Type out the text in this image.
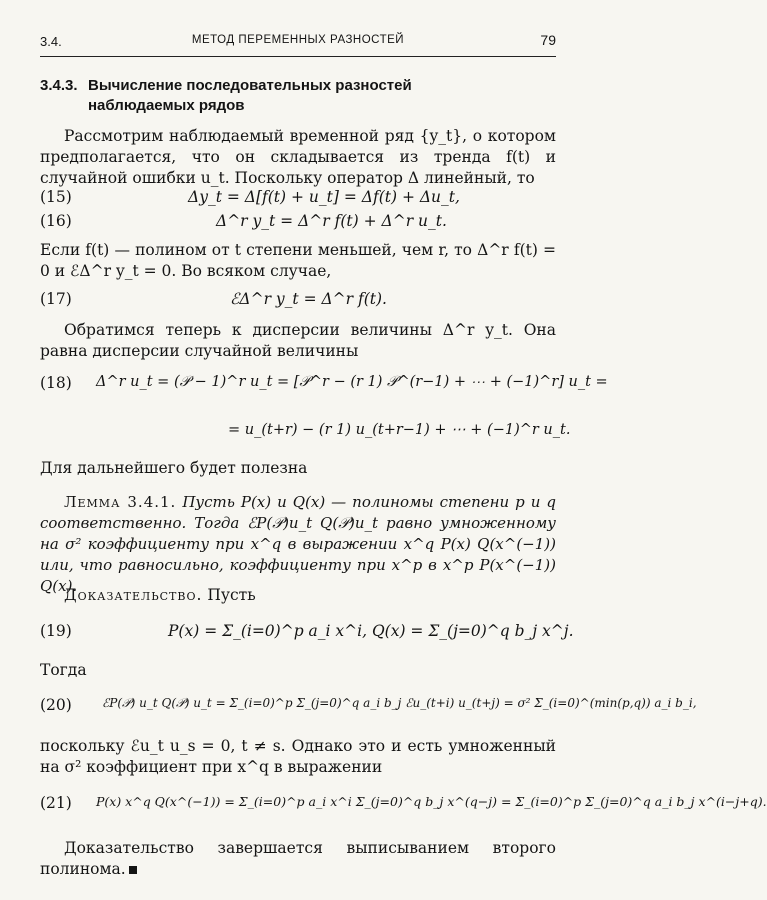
3.4.	МЕТОД ПЕРЕМЕННЫХ РАЗНОСТЕЙ	79
3.4.3. Вычисление последовательных разностей
наблюдаемых рядов
Рассмотрим наблюдаемый временной ряд {y_t}, о котором предполагается, что он складывается из тренда f(t) и случайной ошибки u_t. Поскольку оператор Δ линейный, то
(15)	Δy_t = Δ[f(t) + u_t] = Δf(t) + Δu_t,
(16)	Δ^r y_t = Δ^r f(t) + Δ^r u_t.
Если f(t) — полином от t степени меньшей, чем r, то Δ^r f(t) = 0 и ℰΔ^r y_t = 0. Во всяком случае,
(17)	ℰΔ^r y_t = Δ^r f(t).
Обратимся теперь к дисперсии величины Δ^r y_t. Она равна дисперсии случайной величины
(18) Δ^r u_t = (𝒫 − 1)^r u_t = [𝒫^r − (r 1) 𝒫^(r−1) + ⋯ + (−1)^r] u_t =
= u_(t+r) − (r 1) u_(t+r−1) + ⋯ + (−1)^r u_t.
Для дальнейшего будет полезна
Лемма 3.4.1. Пусть P(x) и Q(x) — полиномы степени p и q соответственно. Тогда ℰP(𝒫)u_t Q(𝒫)u_t равно умноженному на σ² коэффициенту при x^q в выражении x^q P(x) Q(x^(−1)) или, что равносильно, коэффициенту при x^p в x^p P(x^(−1)) Q(x).
Доказательство. Пусть
(19)	P(x) = Σ_(i=0)^p a_i x^i, Q(x) = Σ_(j=0)^q b_j x^j.
Тогда
(20)	ℰP(𝒫) u_t Q(𝒫) u_t = Σ_(i=0)^p Σ_(j=0)^q a_i b_j ℰu_(t+i) u_(t+j) = σ² Σ_(i=0)^(min(p,q)) a_i b_i,
поскольку ℰu_t u_s = 0, t ≠ s. Однако это и есть умноженный на σ² коэффициент при x^q в выражении
(21) P(x) x^q Q(x^(−1)) = Σ_(i=0)^p a_i x^i Σ_(j=0)^q b_j x^(q−j) = Σ_(i=0)^p Σ_(j=0)^q a_i b_j x^(i−j+q).
Доказательство завершается выписыванием второго полинома.
